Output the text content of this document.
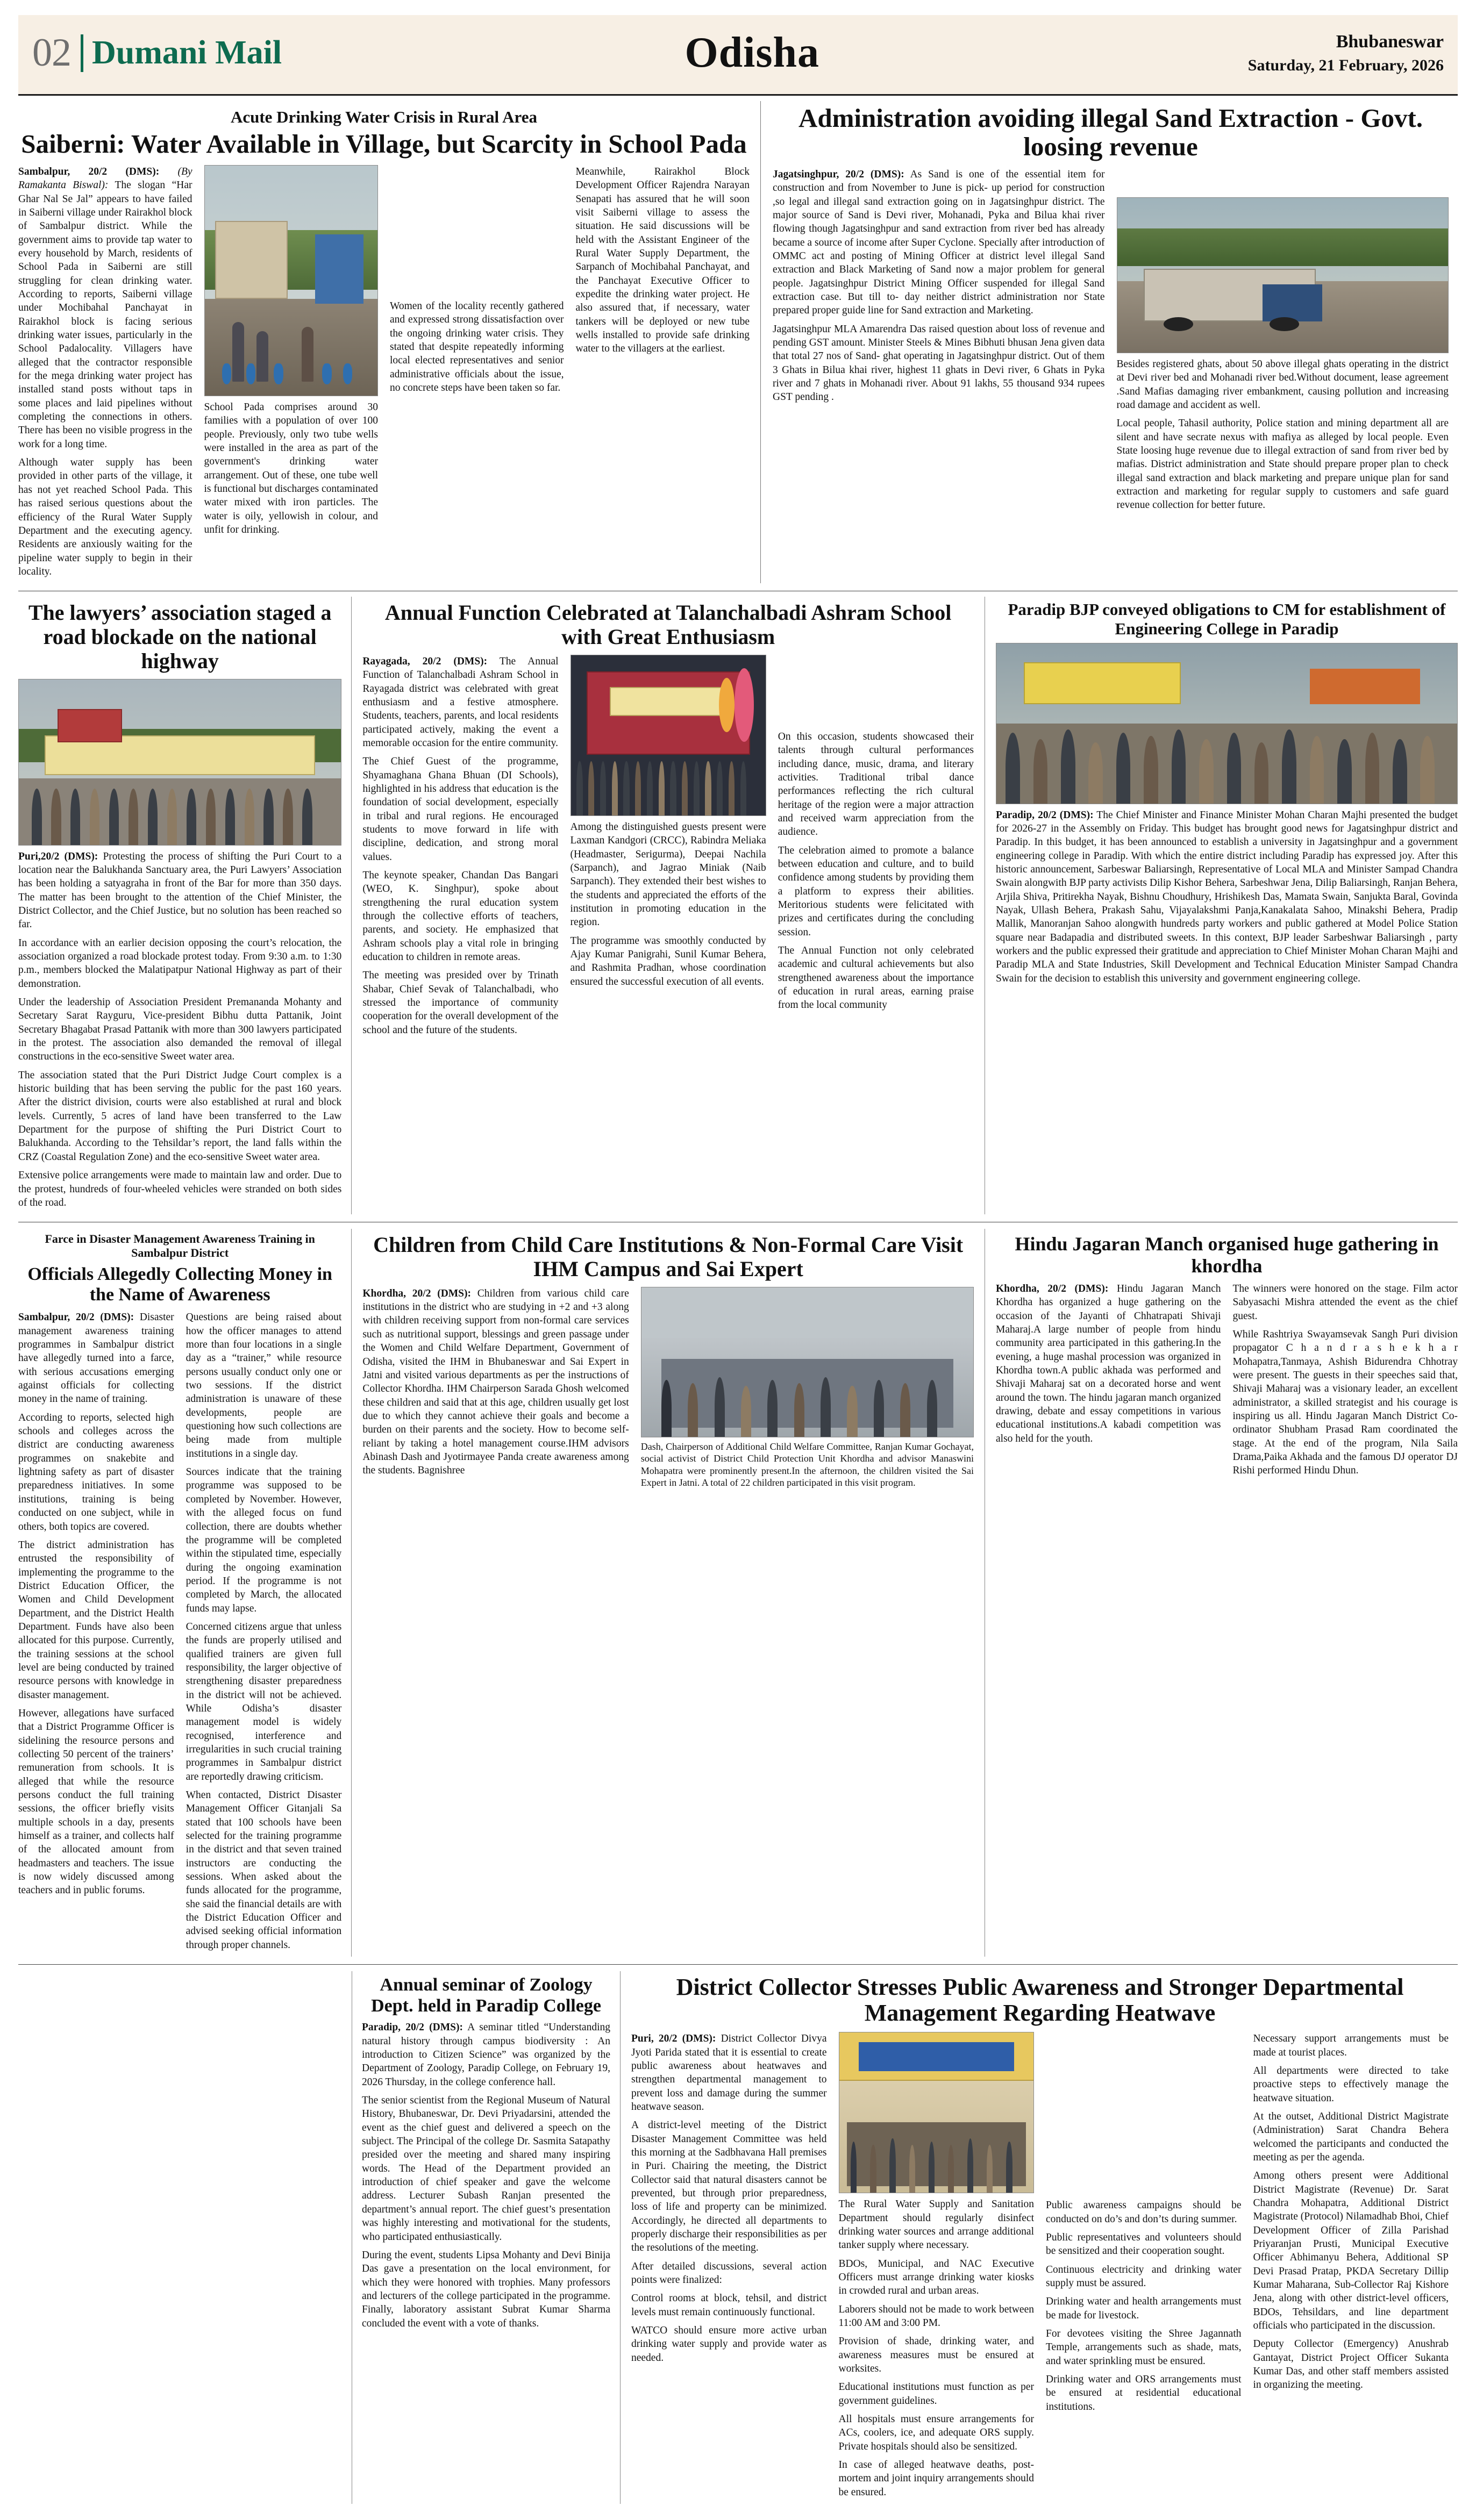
02 Dumani Mail	Odisha	Bhubaneswar
Saturday, 21 February, 2026
Acute Drinking Water Crisis in Rural Area
Saiberni: Water Available in Village, but Scarcity in School Pada

Sambalpur, 20/2 (DMS): (By Ramakanta Biswal): The slogan “Har Ghar Nal Se Jal” appears to have failed in Saiberni village under Rairakhol block of Sambalpur district. While the government aims to provide tap water to every household by March, residents of School Pada in Saiberni are still struggling for clean drinking water. According to reports, Saiberni village under Mochibahal Panchayat in Rairakhol block is facing serious drinking water issues, particularly in the School Padalocality. Villagers have alleged that the contractor responsible for the mega drinking water project has installed stand posts without taps in some places and laid pipelines without completing the connections in others. There has been no visible progress in the work for a long time.

Although water supply has been provided in other parts of the village, it has not yet reached School Pada. This has raised serious questions about the efficiency of the Rural Water Supply Department and the executing agency. Residents are anxiously waiting for the pipeline water supply to begin in their locality.

School Pada comprises around 30 families with a population of over 100 people. Previously, only two tube wells were installed in the area as part of the government's drinking water arrangement. Out of these, one tube well is functional but discharges contaminated water mixed with iron particles. The water is oily, yellowish in colour, and unfit for drinking.

Women of the locality recently gathered and expressed strong dissatisfaction over the ongoing drinking water crisis. They stated that despite repeatedly informing local elected representatives and senior administrative officials about the issue, no concrete steps have been taken so far.

Meanwhile, Rairakhol Block Development Officer Rajendra Narayan Senapati has assured that he will soon visit Saiberni village to assess the situation. He said discussions will be held with the Assistant Engineer of the Rural Water Supply Department, the Sarpanch of Mochibahal Panchayat, and the Panchayat Executive Officer to expedite the drinking water project. He also assured that, if necessary, water tankers will be deployed or new tube wells installed to provide safe drinking water to the villagers at the earliest.

Administration avoiding illegal Sand Extraction - Govt. loosing revenue

Jagatsinghpur, 20/2 (DMS): As Sand is one of the essential item for construction and from November to June is pick- up period for construction ,so legal and illegal sand extraction going on in Jagatsinghpur district. The major source of Sand is Devi river, Mohanadi, Pyka and Bilua khai river flowing though Jagatsinghpur and sand extraction from river bed has already became a source of income after Super Cyclone. Specially after introduction of OMMC act and posting of Mining Officer at district level illegal Sand extraction and Black Marketing of Sand now a major problem for general people. Jagatsinghpur District Mining Officer suspended for illegal Sand extraction case. But till to- day neither district administration nor State prepared proper guide line for Sand extraction and Marketing.

Jagatsinghpur MLA Amarendra Das raised question about loss of revenue and pending GST amount. Minister Steels & Mines Bibhuti bhusan Jena given data that total 27 nos of Sand- ghat operating in Jagatsinghpur district. Out of them 3 Ghats in Bilua khai river, highest 11 ghats in Devi river, 6 Ghats in Pyka river and 7 ghats in Mohanadi river. About 91 lakhs, 55 thousand 934 rupees GST pending .

Besides registered ghats, about 50 above illegal ghats operating in the district at Devi river bed and Mohanadi river bed.Without document, lease agreement .Sand Mafias damaging river embankment, causing pollution and increasing road damage and accident as well.

Local people, Tahasil authority, Police station and mining department all are silent and have secrate nexus with mafiya as alleged by local people. Even State loosing huge revenue due to illegal extraction of sand from river bed by mafias. District administration and State should prepare proper plan to check illegal sand extraction and black marketing and prepare unique plan for sand extraction and marketing for regular supply to customers and safe guard revenue collection for better future.

The lawyers’ association staged a road blockade on the national highway

Puri,20/2 (DMS): Protesting the process of shifting the Puri Court to a location near the Balukhanda Sanctuary area, the Puri Lawyers’ Association has been holding a satyagraha in front of the Bar for more than 350 days. The matter has been brought to the attention of the Chief Minister, the District Collector, and the Chief Justice, but no solution has been reached so far.

In accordance with an earlier decision opposing the court’s relocation, the association organized a road blockade protest today. From 9:30 a.m. to 1:30 p.m., members blocked the Malatipatpur National Highway as part of their demonstration.

Under the leadership of Association President Premananda Mohanty and Secretary Sarat Rayguru, Vice-president Bibhu dutta Pattanik, Joint Secretary Bhagabat Prasad Pattanik with more than 300 lawyers participated in the protest. The association also demanded the removal of illegal constructions in the eco-sensitive Sweet water area.

The association stated that the Puri District Judge Court complex is a historic building that has been serving the public for the past 160 years. After the district division, courts were also established at rural and block levels. Currently, 5 acres of land have been transferred to the Law Department for the purpose of shifting the Puri District Court to Balukhanda. According to the Tehsildar’s report, the land falls within the CRZ (Coastal Regulation Zone) and the eco-sensitive Sweet water area.

Extensive police arrangements were made to maintain law and order. Due to the protest, hundreds of four-wheeled vehicles were stranded on both sides of the road.

Annual Function Celebrated at Talanchalbadi Ashram School with Great Enthusiasm

Rayagada, 20/2 (DMS): The Annual Function of Talanchalbadi Ashram School in Rayagada district was celebrated with great enthusiasm and a festive atmosphere. Students, teachers, parents, and local residents participated actively, making the event a memorable occasion for the entire community.

The Chief Guest of the programme, Shyamaghana Ghana Bhuan (DI Schools), highlighted in his address that education is the foundation of social development, especially in tribal and rural regions. He encouraged students to move forward in life with discipline, dedication, and strong moral values.

The keynote speaker, Chandan Das Bangari (WEO, K. Singhpur), spoke about strengthening the rural education system through the collective efforts of teachers, parents, and society. He emphasized that Ashram schools play a vital role in bringing education to children in remote areas.

The meeting was presided over by Trinath Shabar, Chief Sevak of Talanchalbadi, who stressed the importance of community cooperation for the overall development of the school and the future of the students.

Among the distinguished guests present were Laxman Kandgori (CRCC), Rabindra Meliaka (Headmaster, Serigurma), Deepai Nachila (Sarpanch), and Jagrao Miniak (Naib Sarpanch). They extended their best wishes to the students and appreciated the efforts of the institution in promoting education in the region.

The programme was smoothly conducted by Ajay Kumar Panigrahi, Sunil Kumar Behera, and Rashmita Pradhan, whose coordination ensured the successful execution of all events.

On this occasion, students showcased their talents through cultural performances including dance, music, drama, and literary activities. Traditional tribal dance performances reflecting the rich cultural heritage of the region were a major attraction and received warm appreciation from the audience.

The celebration aimed to promote a balance between education and culture, and to build confidence among students by providing them a platform to express their abilities. Meritorious students were felicitated with prizes and certificates during the concluding session.

The Annual Function not only celebrated academic and cultural achievements but also strengthened awareness about the importance of education in rural areas, earning praise from the local community

Paradip BJP conveyed obligations to CM for establishment of Engineering College in Paradip

Paradip, 20/2 (DMS): The Chief Minister and Finance Minister Mohan Charan Majhi presented the budget for 2026-27 in the Assembly on Friday. This budget has brought good news for Jagatsinghpur district and Paradip. In this budget, it has been announced to establish a university in Jagatsinghpur and a government engineering college in Paradip. With which the entire district including Paradip has expressed joy. After this historic announcement, Sarbeswar Baliarsingh, Representative of Local MLA and Minister Sampad Chandra Swain alongwith BJP party activists Dilip Kishor Behera, Sarbeshwar Jena, Dilip Baliarsingh, Ranjan Behera, Arjila Shiva, Pritirekha Nayak, Bishnu Choudhury, Hrishikesh Das, Mamata Swain, Sanjukta Baral, Govinda Nayak, Ullash Behera, Prakash Sahu, Vijayalakshmi Panja,Kanakalata Sahoo, Minakshi Behera, Pradip Mallik, Manoranjan Sahoo alongwith hundreds party workers and public gathered at Model Police Station square near Badapadia and distributed sweets. In this context, BJP leader Sarbeshwar Baliarsingh , party workers and the public expressed their gratitude and appreciation to Chief Minister Mohan Charan Majhi and Paradip MLA and State Industries, Skill Development and Technical Education Minister Sampad Chandra Swain for the decision to establish this university and government engineering college.

Farce in Disaster Management Awareness Training in Sambalpur District
Officials Allegedly Collecting Money in the Name of Awareness

Sambalpur, 20/2 (DMS): Disaster management awareness training programmes in Sambalpur district have allegedly turned into a farce, with serious accusations emerging against officials for collecting money in the name of training.

According to reports, selected high schools and colleges across the district are conducting awareness programmes on snakebite and lightning safety as part of disaster preparedness initiatives. In some institutions, training is being conducted on one subject, while in others, both topics are covered.

The district administration has entrusted the responsibility of implementing the programme to the District Education Officer, the Women and Child Development Department, and the District Health Department. Funds have also been allocated for this purpose. Currently, the training sessions at the school level are being conducted by trained resource persons with knowledge in disaster management.

However, allegations have surfaced that a District Programme Officer is sidelining the resource persons and collecting 50 percent of the trainers’ remuneration from schools. It is alleged that while the resource persons conduct the full training sessions, the officer briefly visits multiple schools in a day, presents himself as a trainer, and collects half of the allocated amount from headmasters and teachers. The issue is now widely discussed among teachers and in public forums.

Questions are being raised about how the officer manages to attend more than four locations in a single day as a “trainer,” while resource persons usually conduct only one or two sessions. If the district administration is unaware of these developments, people are questioning how such collections are being made from multiple institutions in a single day.

Sources indicate that the training programme was supposed to be completed by November. However, with the alleged focus on fund collection, there are doubts whether the programme will be completed within the stipulated time, especially during the ongoing examination period. If the programme is not completed by March, the allocated funds may lapse.

Concerned citizens argue that unless the funds are properly utilised and qualified trainers are given full responsibility, the larger objective of strengthening disaster preparedness in the district will not be achieved. While Odisha’s disaster management model is widely recognised, interference and irregularities in such crucial training programmes in Sambalpur district are reportedly drawing criticism.

When contacted, District Disaster Management Officer Gitanjali Sa stated that 100 schools have been selected for the training programme in the district and that seven trained instructors are conducting the sessions. When asked about the funds allocated for the programme, she said the financial details are with the District Education Officer and advised seeking official information through proper channels.

Children from Child Care Institutions & Non-Formal Care Visit IHM Campus and Sai Expert

Khordha, 20/2 (DMS): Children from various child care institutions in the district who are studying in +2 and +3 along with children receiving support from non-formal care services such as nutritional support, blessings and green passage under the Women and Child Welfare Department, Government of Odisha, visited the IHM in Bhubaneswar and Sai Expert in Jatni and visited various departments as per the instructions of Collector Khordha. IHM Chairperson Sarada Ghosh welcomed these children and said that at this age, children usually get lost due to which they cannot achieve their goals and become a burden on their parents and the society. How to become self-reliant by taking a hotel management course.IHM advisors Abinash Dash and Jyotirmayee Panda create awareness among the students. Bagnishree

Dash, Chairperson of Additional Child Welfare Committee, Ranjan Kumar Gochayat, social activist of District Child Protection Unit Khordha and advisor Manaswini Mohapatra were prominently present.In the afternoon, the children visited the Sai Expert in Jatni. A total of 22 children participated in this visit program.

Hindu Jagaran Manch organised huge gathering in khordha

Khordha, 20/2 (DMS): Hindu Jagaran Manch Khordha has organized a huge gathering on the occasion of the Jayanti of Chhatrapati Shivaji Maharaj.A large number of people from hindu community area participated in this gathering.In the evening, a huge mashal procession was organized in Khordha town.A public akhada was performed and Shivaji Maharaj sat on a decorated horse and went around the town. The hindu jagaran manch organized drawing, debate and essay competitions in various educational institutions.A kabadi competition was also held for the youth.

The winners were honored on the stage. Film actor Sabyasachi Mishra attended the event as the chief guest.

While Rashtriya Swayamsevak Sangh Puri division propagator C h a n d r a s h e k h a r Mohapatra,Tanmaya, Ashish Bidurendra Chhotray were present. The guests in their speeches said that, Shivaji Maharaj was a visionary leader, an excellent administrator, a skilled strategist and his courage is inspiring us all. Hindu Jagaran Manch District Co-ordinator Shubham Prasad Ram coordinated the stage. At the end of the program, Nila Saila Drama,Paika Akhada and the famous DJ operator DJ Rishi performed Hindu Dhun.

Annual seminar of Zoology Dept. held in Paradip College

Paradip, 20/2 (DMS): A seminar titled “Understanding natural history through campus biodiversity : An introduction to Citizen Science” was organized by the Department of Zoology, Paradip College, on February 19, 2026 Thursday, in the college conference hall.

The senior scientist from the Regional Museum of Natural History, Bhubaneswar, Dr. Devi Priyadarsini, attended the event as the chief guest and delivered a speech on the subject. The Principal of the college Dr. Sasmita Satapathy presided over the meeting and shared many inspiring words. The Head of the Department provided an introduction of chief speaker and gave the welcome address. Lecturer Subash Ranjan presented the department’s annual report. The chief guest’s presentation was highly interesting and motivational for the students, who participated enthusiastically.

During the event, students Lipsa Mohanty and Devi Binija Das gave a presentation on the local environment, for which they were honored with trophies. Many professors and lecturers of the college participated in the programme. Finally, laboratory assistant Subrat Kumar Sharma concluded the event with a vote of thanks.

District Collector Stresses Public Awareness and Stronger Departmental Management Regarding Heatwave

Puri, 20/2 (DMS): District Collector Divya Jyoti Parida stated that it is essential to create public awareness about heatwaves and strengthen departmental management to prevent loss and damage during the summer heatwave season.

A district-level meeting of the District Disaster Management Committee was held this morning at the Sadbhavana Hall premises in Puri. Chairing the meeting, the District Collector said that natural disasters cannot be prevented, but through prior preparedness, loss of life and property can be minimized. Accordingly, he directed all departments to properly discharge their responsibilities as per the resolutions of the meeting.

After detailed discussions, several action points were finalized:

Control rooms at block, tehsil, and district levels must remain continuously functional.

WATCO should ensure more active urban drinking water supply and provide water as needed.

The Rural Water Supply and Sanitation Department should regularly disinfect drinking water sources and arrange additional tanker supply where necessary.

BDOs, Municipal, and NAC Executive Officers must arrange drinking water kiosks in crowded rural and urban areas.

Laborers should not be made to work between 11:00 AM and 3:00 PM.

Provision of shade, drinking water, and awareness measures must be ensured at worksites.

Educational institutions must function as per government guidelines.

All hospitals must ensure arrangements for ACs, coolers, ice, and adequate ORS supply. Private hospitals should also be sensitized.

In case of alleged heatwave deaths, post-mortem and joint inquiry arrangements should be ensured.

Public awareness campaigns should be conducted on do’s and don’ts during summer.

Public representatives and volunteers should be sensitized and their cooperation sought.

Continuous electricity and drinking water supply must be assured.

Drinking water and health arrangements must be made for livestock.

For devotees visiting the Shree Jagannath Temple, arrangements such as shade, mats, and water sprinkling must be ensured.

Drinking water and ORS arrangements must be ensured at residential educational institutions.

Necessary support arrangements must be made at tourist places.

All departments were directed to take proactive steps to effectively manage the heatwave situation.

At the outset, Additional District Magistrate (Administration) Sarat Chandra Behera welcomed the participants and conducted the meeting as per the agenda.

Among others present were Additional District Magistrate (Revenue) Dr. Sarat Chandra Mohapatra, Additional District Magistrate (Protocol) Nilamadhab Bhoi, Chief Development Officer of Zilla Parishad Priyaranjan Prusti, Municipal Executive Officer Abhimanyu Behera, Additional SP Devi Prasad Pratap, PKDA Secretary Dillip Kumar Maharana, Sub-Collector Raj Kishore Jena, along with other district-level officers, BDOs, Tehsildars, and line department officials who participated in the discussion.

Deputy Collector (Emergency) Anushrab Gantayat, District Project Officer Sukanta Kumar Das, and other staff members assisted in organizing the meeting.
